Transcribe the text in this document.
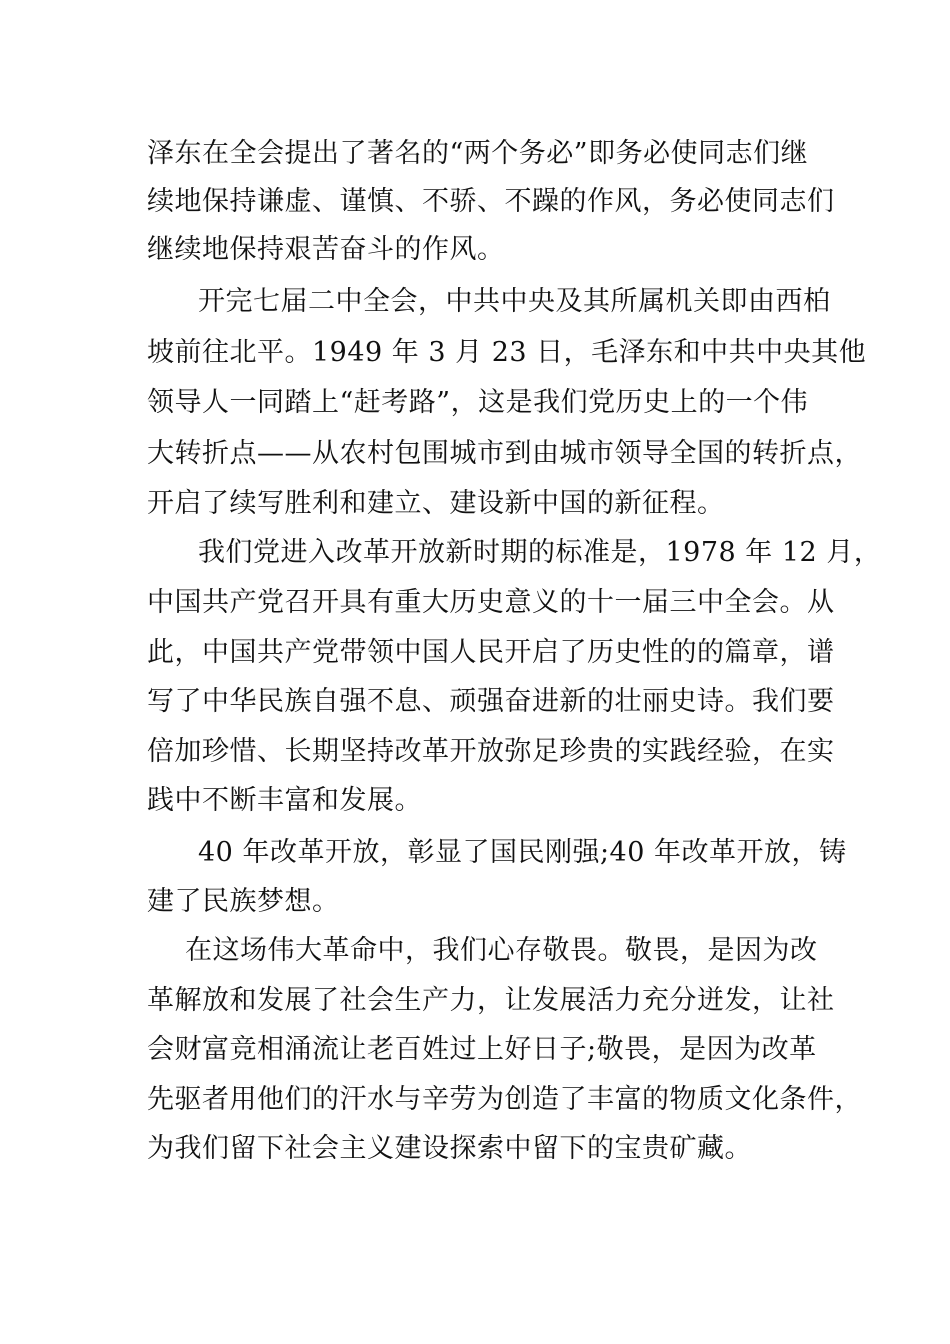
泽东在全会提出了著名的“两个务必”即务必使同志们继
续地保持谦虚、谨慎、不骄、不躁的作风，务必使同志们
继续地保持艰苦奋斗的作风。
开完七届二中全会，中共中央及其所属机关即由西柏
坡前往北平。1949 年 3 月 23 日，毛泽东和中共中央其他
领导人一同踏上“赶考路”，这是我们党历史上的一个伟
大转折点——从农村包围城市到由城市领导全国的转折点，
开启了续写胜利和建立、建设新中国的新征程。
我们党进入改革开放新时期的标准是，1978 年 12 月，
中国共产党召开具有重大历史意义的十一届三中全会。从
此，中国共产党带领中国人民开启了历史性的的篇章，谱
写了中华民族自强不息、顽强奋进新的壮丽史诗。我们要
倍加珍惜、长期坚持改革开放弥足珍贵的实践经验，在实
践中不断丰富和发展。
40 年改革开放，彰显了国民刚强;40 年改革开放，铸
建了民族梦想。
在这场伟大革命中，我们心存敬畏。敬畏，是因为改
革解放和发展了社会生产力，让发展活力充分迸发，让社
会财富竞相涌流让老百姓过上好日子;敬畏，是因为改革
先驱者用他们的汗水与辛劳为创造了丰富的物质文化条件，
为我们留下社会主义建设探索中留下的宝贵矿藏。
